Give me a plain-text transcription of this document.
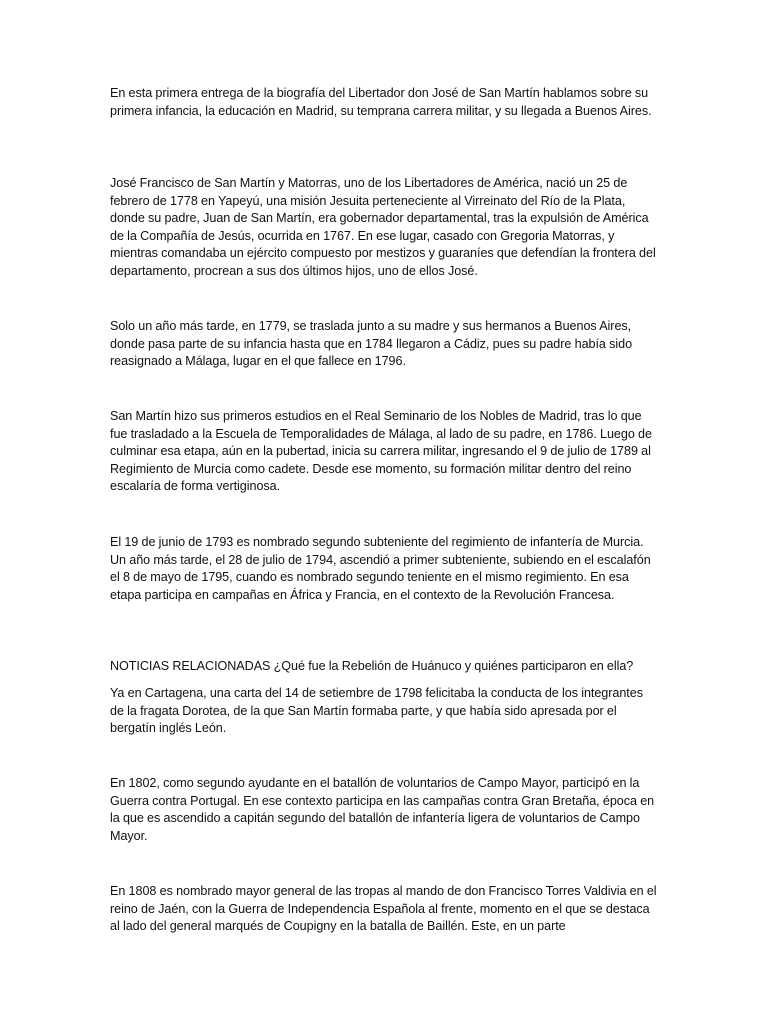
En esta primera entrega de la biografía del Libertador don José de San Martín hablamos sobre su primera infancia, la educación en Madrid, su temprana carrera militar, y su llegada a Buenos Aires.

José Francisco de San Martín y Matorras, uno de los Libertadores de América, nació un 25 de febrero de 1778 en Yapeyú, una misión Jesuita perteneciente al Virreinato del Río de la Plata, donde su padre, Juan de San Martín, era gobernador departamental, tras la expulsión de América de la Compañía de Jesús, ocurrida en 1767. En ese lugar, casado con Gregoria Matorras, y mientras comandaba un ejército compuesto por mestizos y guaraníes que defendían la frontera del departamento, procrean a sus dos últimos hijos, uno de ellos José.

Solo un año más tarde, en 1779, se traslada junto a su madre y sus hermanos a Buenos Aires, donde pasa parte de su infancia hasta que en 1784 llegaron a Cádiz, pues su padre había sido reasignado a Málaga, lugar en el que fallece en 1796.

San Martín hizo sus primeros estudios en el Real Seminario de los Nobles de Madrid, tras lo que fue trasladado a la Escuela de Temporalidades de Málaga, al lado de su padre, en 1786. Luego de culminar esa etapa, aún en la pubertad, inicia su carrera militar, ingresando el 9 de julio de 1789 al Regimiento de Murcia como cadete. Desde ese momento, su formación militar dentro del reino escalaría de forma vertiginosa.

El 19 de junio de 1793 es nombrado segundo subteniente del regimiento de infantería de Murcia. Un año más tarde, el 28 de julio de 1794, ascendió a primer subteniente, subiendo en el escalafón el 8 de mayo de 1795, cuando es nombrado segundo teniente en el mismo regimiento. En esa etapa participa en campañas en África y Francia, en el contexto de la Revolución Francesa.

NOTICIAS RELACIONADAS ¿Qué fue la Rebelión de Huánuco y quiénes participaron en ella?

Ya en Cartagena, una carta del 14 de setiembre de 1798 felicitaba la conducta de los integrantes de la fragata Dorotea, de la que San Martín formaba parte, y que había sido apresada por el bergatín inglés León.

En 1802, como segundo ayudante en el batallón de voluntarios de Campo Mayor, participó en la Guerra contra Portugal. En ese contexto participa en las campañas contra Gran Bretaña, época en la que es ascendido a capitán segundo del batallón de infantería ligera de voluntarios de Campo Mayor.

En 1808 es nombrado mayor general de las tropas al mando de don Francisco Torres Valdivia en el reino de Jaén, con la Guerra de Independencia Española al frente, momento en el que se destaca al lado del general marqués de Coupigny en la batalla de Baillén. Este, en un parte
